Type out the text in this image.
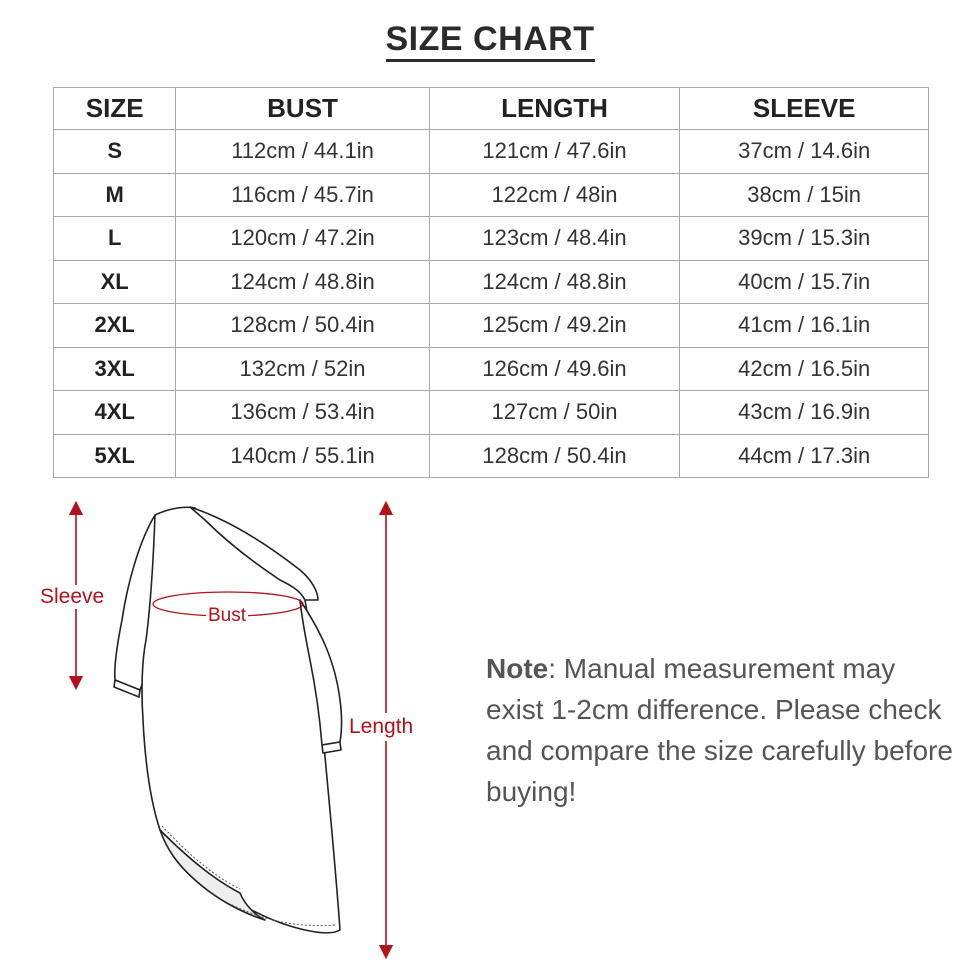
SIZE CHART
SIZE	BUST	LENGTH	SLEEVE
S	112cm / 44.1in	121cm / 47.6in	37cm / 14.6in
M	116cm / 45.7in	122cm / 48in	38cm / 15in
L	120cm / 47.2in	123cm / 48.4in	39cm / 15.3in
XL	124cm / 48.8in	124cm / 48.8in	40cm / 15.7in
2XL	128cm / 50.4in	125cm / 49.2in	41cm / 16.1in
3XL	132cm / 52in	126cm / 49.6in	42cm / 16.5in
4XL	136cm / 53.4in	127cm / 50in	43cm / 16.9in
5XL	140cm / 55.1in	128cm / 50.4in	44cm / 17.3in
Sleeve
Bust
Length
Note: Manual measurement may exist 1-2cm difference. Please check and compare the size carefully before buying!
